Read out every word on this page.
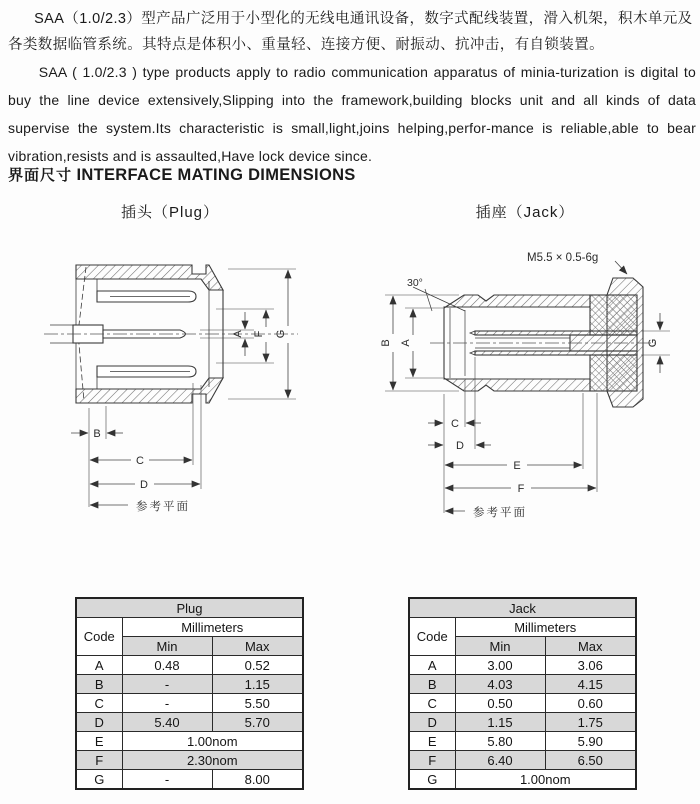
SAA（1.0/2.3）型产品广泛用于小型化的无线电通讯设备，数字式配线装置，滑入机架，积木单元及各类数据临管系统。其特点是体积小、重量轻、连接方便、耐振动、抗冲击，有自锁装置。

SAA ( 1.0/2.3 ) type products apply to radio communication apparatus of minia-turization is digital to buy the line device extensively,Slipping into the framework,building blocks unit and all kinds of data supervise the system.Its characteristic is small,light,joins helping,perfor-mance is reliable,able to bear vibration,resists and is assaulted,Have lock device since.

界面尺寸 INTERFACE MATING DIMENSIONS
插头（Plug）	插座（Jack）
A F G
B
C
D
参考平面
M5.5 × 0.5-6g
30°
B A	G
C
D
E
F
参考平面
Plug		
Code	Millimeters	
	Min	Max
A	0.48	0.52
B	-	1.15
C	-	5.50
D	5.40	5.70
E	1.00nom	
F	2.30nom	
G	-	8.00
Jack		
Code	Millimeters	
	Min	Max
A	3.00	3.06
B	4.03	4.15
C	0.50	0.60
D	1.15	1.75
E	5.80	5.90
F	6.40	6.50
G	1.00nom	
